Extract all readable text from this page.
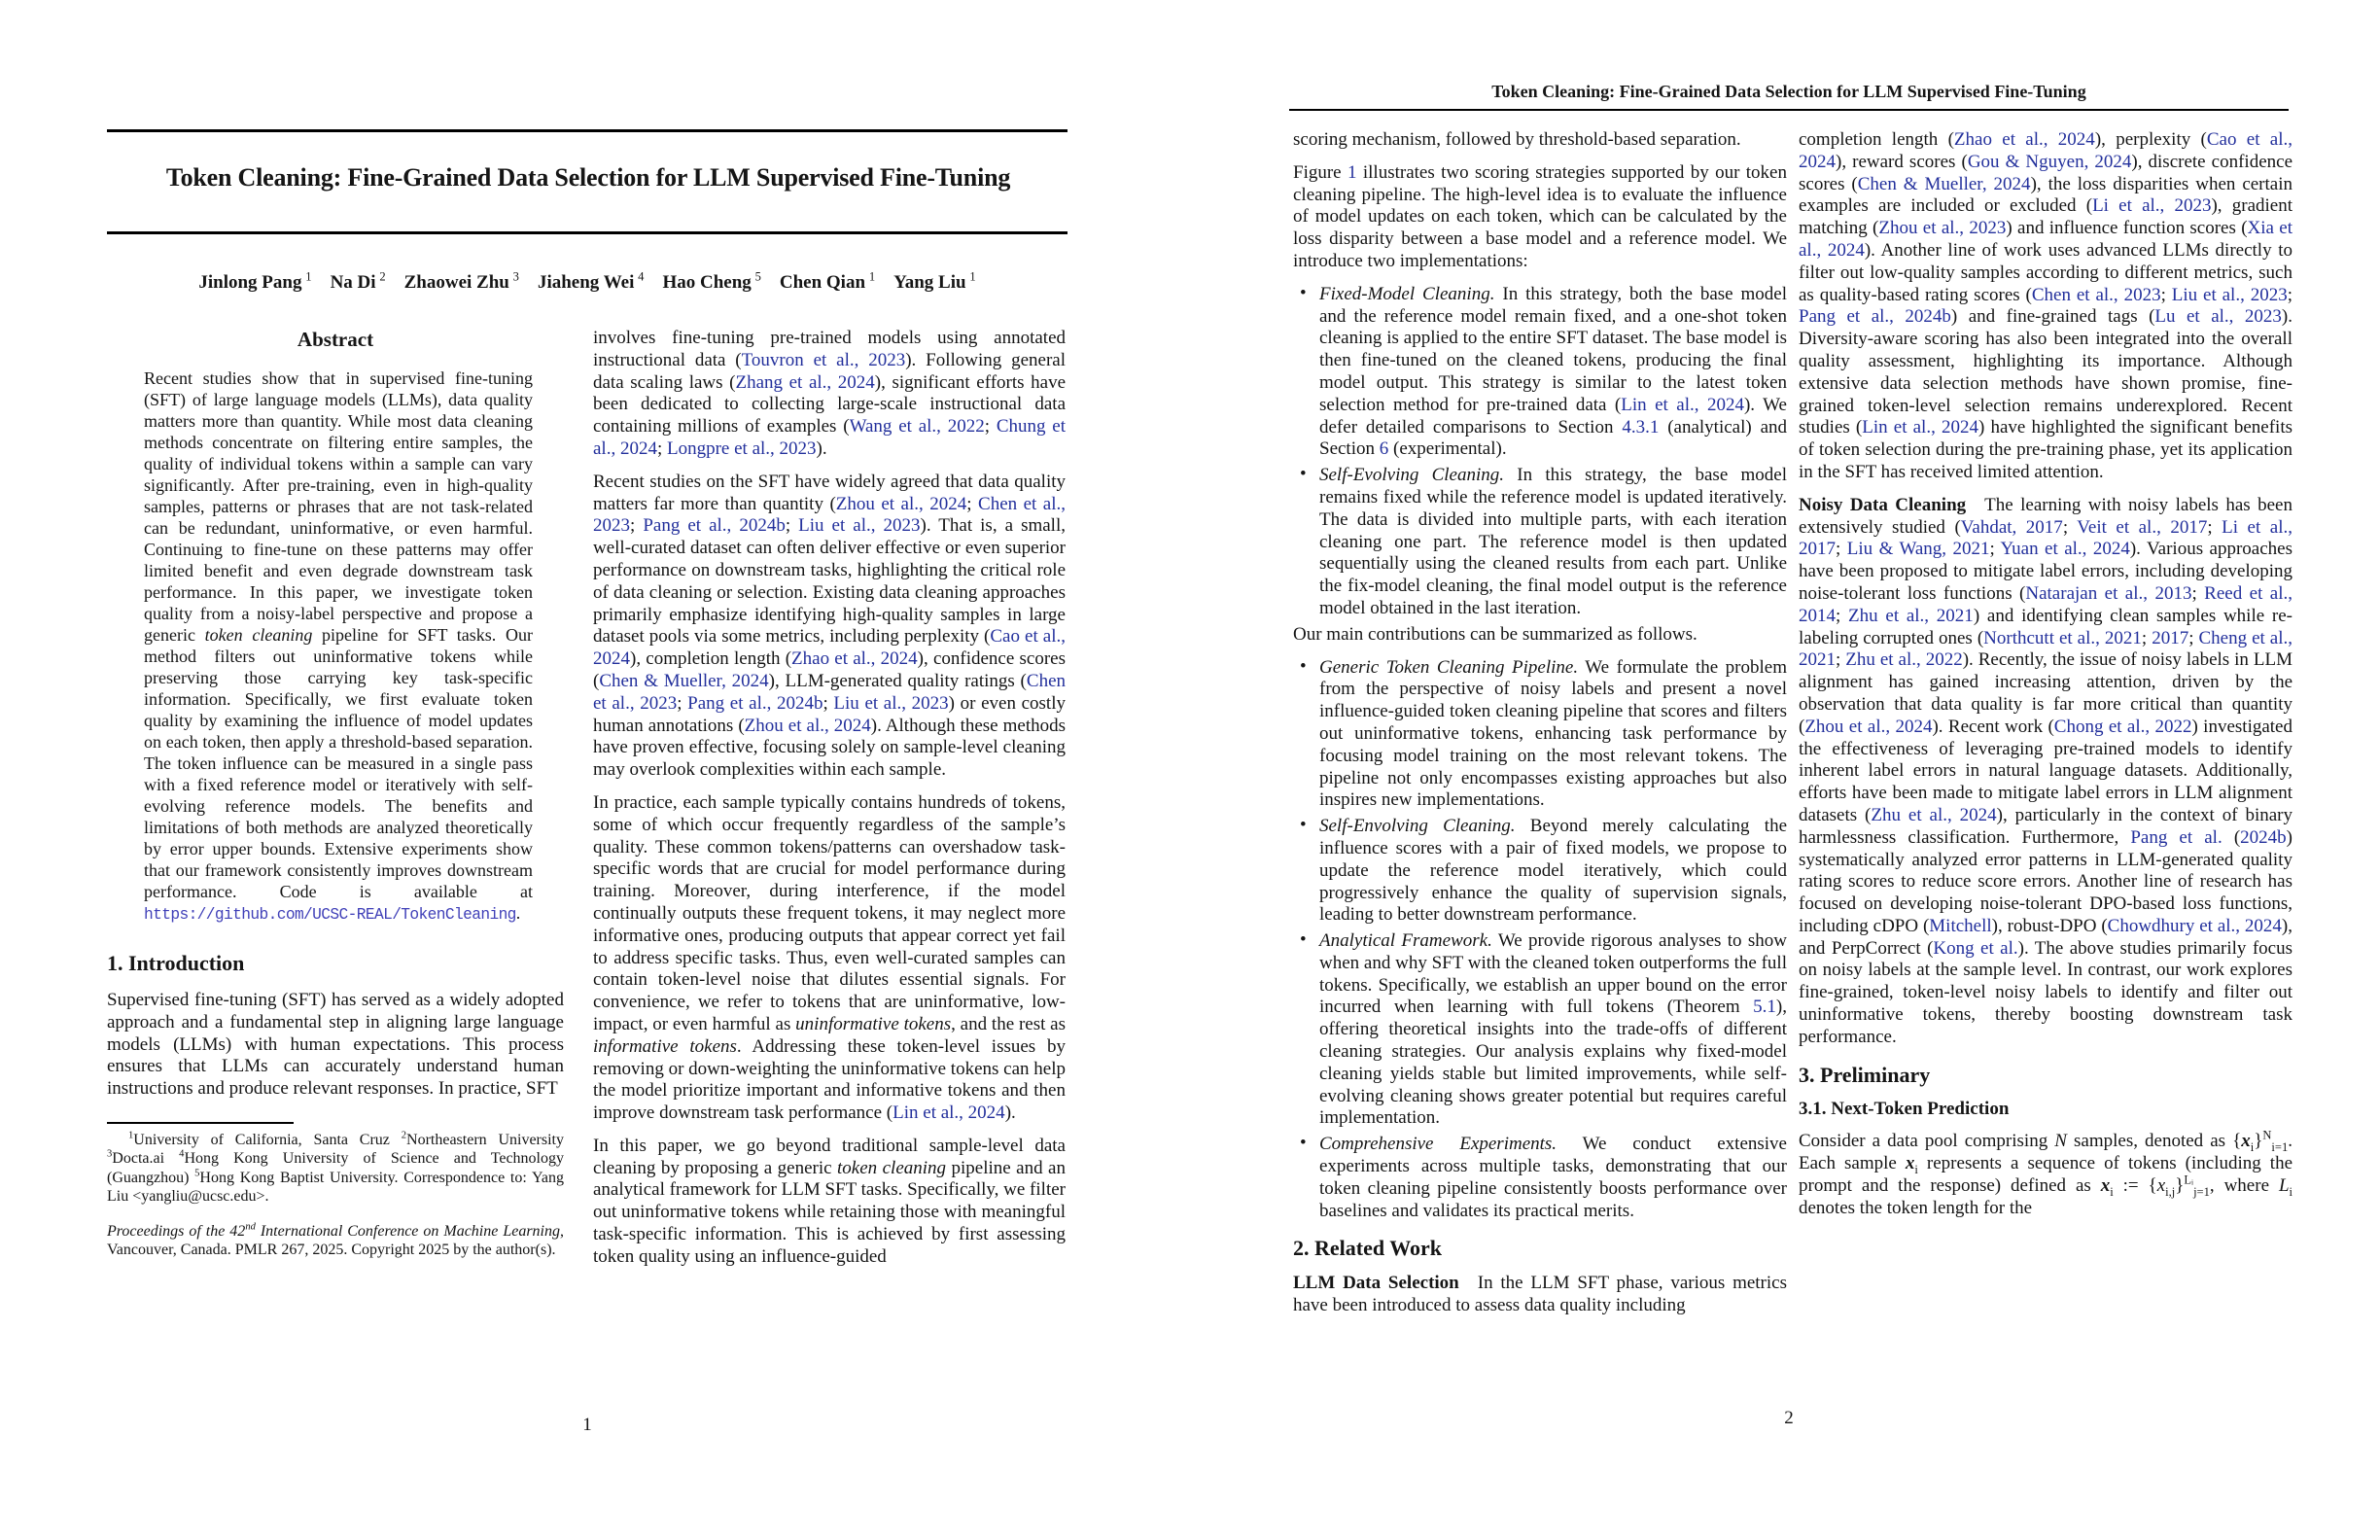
Token Cleaning: Fine-Grained Data Selection for LLM Supervised Fine-Tuning
Jinlong Pang  $^1$   Na Di  $^2$   Zhaowei Zhu  $^3$   Jiaheng Wei  $^4$   Hao Cheng  $^5$   Chen Qian  $^1$   Yang Liu  $^1$
Abstract
Recent studies show that in supervised fine-tuning (SFT) of large language models (LLMs), data quality matters more than quantity. While most data cleaning methods concentrate on filtering entire samples, the quality of individual tokens within a sample can vary significantly. After pre-training, even in high-quality samples, patterns or phrases that are not task-related can be redundant, uninformative, or even harmful. Continuing to fine-tune on these patterns may offer limited benefit and even degrade downstream task performance. In this paper, we investigate token quality from a noisy-label perspective and propose a generic token cleaning pipeline for SFT tasks. Our method filters out uninformative tokens while preserving those carrying key task-specific information. Specifically, we first evaluate token quality by examining the influence of model updates on each token, then apply a threshold-based separation. The token influence can be measured in a single pass with a fixed reference model or iteratively with self-evolving reference models. The benefits and limitations of both methods are analyzed theoretically by error upper bounds. Extensive experiments show that our framework consistently improves downstream performance. Code is available at https://github.com/UCSC-REAL/TokenCleaning.
1. Introduction
Supervised fine-tuning (SFT) has served as a widely adopted approach and a fundamental step in aligning large language models (LLMs) with human expectations. This process ensures that LLMs can accurately understand human instructions and produce relevant responses. In practice, SFT
$^1$University of California, Santa Cruz $^2$Northeastern University $^3$Docta.ai $^4$Hong Kong University of Science and Technology (Guangzhou) $^5$Hong Kong Baptist University. Correspondence to: Yang Liu <yangliu@ucsc.edu>.
Proceedings of the 42nd International Conference on Machine Learning, Vancouver, Canada. PMLR 267, 2025. Copyright 2025 by the author(s).

involves fine-tuning pre-trained models using annotated instructional data (Touvron et al., 2023). Following general data scaling laws (Zhang et al., 2024), significant efforts have been dedicated to collecting large-scale instructional data containing millions of examples (Wang et al., 2022; Chung et al., 2024; Longpre et al., 2023).

Recent studies on the SFT have widely agreed that data quality matters far more than quantity (Zhou et al., 2024; Chen et al., 2023; Pang et al., 2024b; Liu et al., 2023). That is, a small, well-curated dataset can often deliver effective or even superior performance on downstream tasks, highlighting the critical role of data cleaning or selection. Existing data cleaning approaches primarily emphasize identifying high-quality samples in large dataset pools via some metrics, including perplexity (Cao et al., 2024), completion length (Zhao et al., 2024), confidence scores (Chen & Mueller, 2024), LLM-generated quality ratings (Chen et al., 2023; Pang et al., 2024b; Liu et al., 2023) or even costly human annotations (Zhou et al., 2024). Although these methods have proven effective, focusing solely on sample-level cleaning may overlook complexities within each sample.

In practice, each sample typically contains hundreds of tokens, some of which occur frequently regardless of the sample’s quality. These common tokens/patterns can overshadow task-specific words that are crucial for model performance during training. Moreover, during interference, if the model continually outputs these frequent tokens, it may neglect more informative ones, producing outputs that appear correct yet fail to address specific tasks. Thus, even well-curated samples can contain token-level noise that dilutes essential signals. For convenience, we refer to tokens that are uninformative, low-impact, or even harmful as uninformative tokens, and the rest as informative tokens. Addressing these token-level issues by removing or down-weighting the uninformative tokens can help the model prioritize important and informative tokens and then improve downstream task performance (Lin et al., 2024).

In this paper, we go beyond traditional sample-level data cleaning by proposing a generic token cleaning pipeline and an analytical framework for LLM SFT tasks. Specifically, we filter out uninformative tokens while retaining those with meaningful task-specific information. This is achieved by first assessing token quality using an influence-guided

1
Token Cleaning: Fine-Grained Data Selection for LLM Supervised Fine-Tuning

scoring mechanism, followed by threshold-based separation.

Figure 1 illustrates two scoring strategies supported by our token cleaning pipeline. The high-level idea is to evaluate the influence of model updates on each token, which can be calculated by the loss disparity between a base model and a reference model. We introduce two implementations:

• Fixed-Model Cleaning. In this strategy, both the base model and the reference model remain fixed, and a one-shot token cleaning is applied to the entire SFT dataset. The base model is then fine-tuned on the cleaned tokens, producing the final model output. This strategy is similar to the latest token selection method for pre-trained data (Lin et al., 2024). We defer detailed comparisons to Section 4.3.1 (analytical) and Section 6 (experimental).
• Self-Evolving Cleaning. In this strategy, the base model remains fixed while the reference model is updated iteratively. The data is divided into multiple parts, with each iteration cleaning one part. The reference model is then updated sequentially using the cleaned results from each part. Unlike the fix-model cleaning, the final model output is the reference model obtained in the last iteration.

Our main contributions can be summarized as follows.

• Generic Token Cleaning Pipeline. We formulate the problem from the perspective of noisy labels and present a novel influence-guided token cleaning pipeline that scores and filters out uninformative tokens, enhancing task performance by focusing model training on the most relevant tokens. The pipeline not only encompasses existing approaches but also inspires new implementations.
• Self-Envolving Cleaning. Beyond merely calculating the influence scores with a pair of fixed models, we propose to update the reference model iteratively, which could progressively enhance the quality of supervision signals, leading to better downstream performance.
• Analytical Framework. We provide rigorous analyses to show when and why SFT with the cleaned token outperforms the full tokens. Specifically, we establish an upper bound on the error incurred when learning with full tokens (Theorem 5.1), offering theoretical insights into the trade-offs of different cleaning strategies. Our analysis explains why fixed-model cleaning yields stable but limited improvements, while self-evolving cleaning shows greater potential but requires careful implementation.
• Comprehensive Experiments. We conduct extensive experiments across multiple tasks, demonstrating that our token cleaning pipeline consistently boosts performance over baselines and validates its practical merits.
2. Related Work

LLM Data Selection In the LLM SFT phase, various metrics have been introduced to assess data quality including

completion length (Zhao et al., 2024), perplexity (Cao et al., 2024), reward scores (Gou & Nguyen, 2024), discrete confidence scores (Chen & Mueller, 2024), the loss disparities when certain examples are included or excluded (Li et al., 2023), gradient matching (Zhou et al., 2023) and influence function scores (Xia et al., 2024). Another line of work uses advanced LLMs directly to filter out low-quality samples according to different metrics, such as quality-based rating scores (Chen et al., 2023; Liu et al., 2023; Pang et al., 2024b) and fine-grained tags (Lu et al., 2023). Diversity-aware scoring has also been integrated into the overall quality assessment, highlighting its importance. Although extensive data selection methods have shown promise, fine-grained token-level selection remains underexplored. Recent studies (Lin et al., 2024) have highlighted the significant benefits of token selection during the pre-training phase, yet its application in the SFT has received limited attention.

Noisy Data Cleaning The learning with noisy labels has been extensively studied (Vahdat, 2017; Veit et al., 2017; Li et al., 2017; Liu & Wang, 2021; Yuan et al., 2024). Various approaches have been proposed to mitigate label errors, including developing noise-tolerant loss functions (Natarajan et al., 2013; Reed et al., 2014; Zhu et al., 2021) and identifying clean samples while re-labeling corrupted ones (Northcutt et al., 2021; 2017; Cheng et al., 2021; Zhu et al., 2022). Recently, the issue of noisy labels in LLM alignment has gained increasing attention, driven by the observation that data quality is far more critical than quantity (Zhou et al., 2024). Recent work (Chong et al., 2022) investigated the effectiveness of leveraging pre-trained models to identify inherent label errors in natural language datasets. Additionally, efforts have been made to mitigate label errors in LLM alignment datasets (Zhu et al., 2024), particularly in the context of binary harmlessness classification. Furthermore, Pang et al. (2024b) systematically analyzed error patterns in LLM-generated quality rating scores to reduce score errors. Another line of research has focused on developing noise-tolerant DPO-based loss functions, including cDPO (Mitchell), robust-DPO (Chowdhury et al., 2024), and PerpCorrect (Kong et al.). The above studies primarily focus on noisy labels at the sample level. In contrast, our work explores fine-grained, token-level noisy labels to identify and filter out uninformative tokens, thereby boosting downstream task performance.

3. Preliminary
3.1. Next-Token Prediction

Consider a data pool comprising N samples, denoted as $\{x_i\}^N_{i=1}$. Each sample $x_i$ represents a sequence of tokens (including the prompt and the response) defined as $x_i$ := $\{x_{i,j}\}^{Lᵢ}_{j=1}$, where $L_i$ denotes the token length for the

2
